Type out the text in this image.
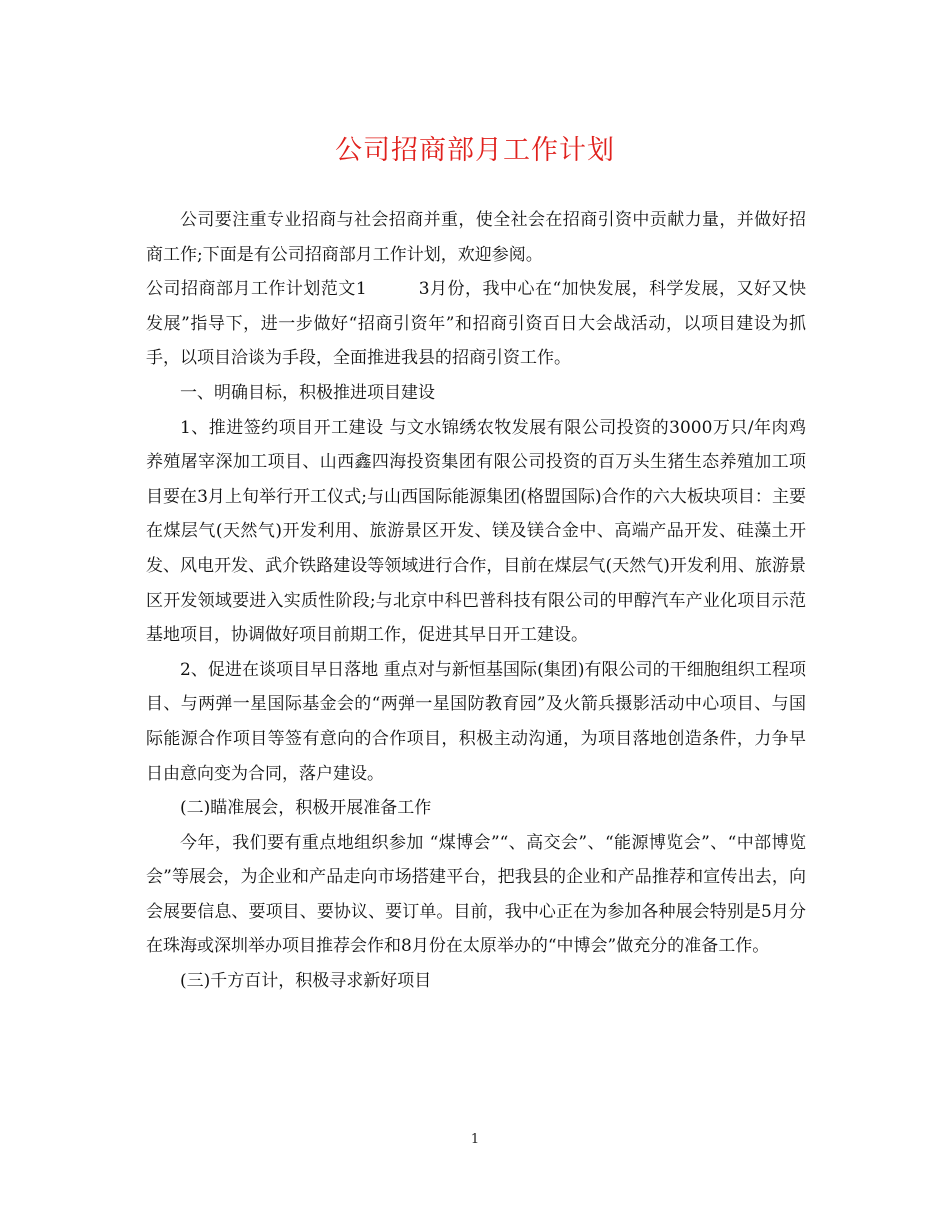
公司招商部月工作计划

公司要注重专业招商与社会招商并重，使全社会在招商引资中贡献力量，并做好招商工作;下面是有公司招商部月工作计划，欢迎参阅。

公司招商部月工作计划范文1	3月份，我中心在“加快发展，科学发展，又好又快发展”指导下，进一步做好“招商引资年”和招商引资百日大会战活动，以项目建设为抓手，以项目洽谈为手段，全面推进我县的招商引资工作。

一、明确目标，积极推进项目建设

1、推进签约项目开工建设 与文水锦绣农牧发展有限公司投资的3000万只/年肉鸡养殖屠宰深加工项目、山西鑫四海投资集团有限公司投资的百万头生猪生态养殖加工项目要在3月上旬举行开工仪式;与山西国际能源集团(格盟国际)合作的六大板块项目：主要在煤层气(天然气)开发利用、旅游景区开发、镁及镁合金中、高端产品开发、硅藻土开发、风电开发、武介铁路建设等领域进行合作，目前在煤层气(天然气)开发利用、旅游景区开发领域要进入实质性阶段;与北京中科巴普科技有限公司的甲醇汽车产业化项目示范基地项目，协调做好项目前期工作，促进其早日开工建设。

2、促进在谈项目早日落地 重点对与新恒基国际(集团)有限公司的干细胞组织工程项目、与两弹一星国际基金会的“两弹一星国防教育园”及火箭兵摄影活动中心项目、与国际能源合作项目等签有意向的合作项目，积极主动沟通，为项目落地创造条件，力争早日由意向变为合同，落户建设。

(二)瞄准展会，积极开展准备工作

今年，我们要有重点地组织参加 “煤博会”“、高交会”、“能源博览会”、“中部博览会”等展会，为企业和产品走向市场搭建平台，把我县的企业和产品推荐和宣传出去，向会展要信息、要项目、要协议、要订单。目前，我中心正在为参加各种展会特别是5月分在珠海或深圳举办项目推荐会作和8月份在太原举办的“中博会”做充分的准备工作。

(三)千方百计，积极寻求新好项目

1
